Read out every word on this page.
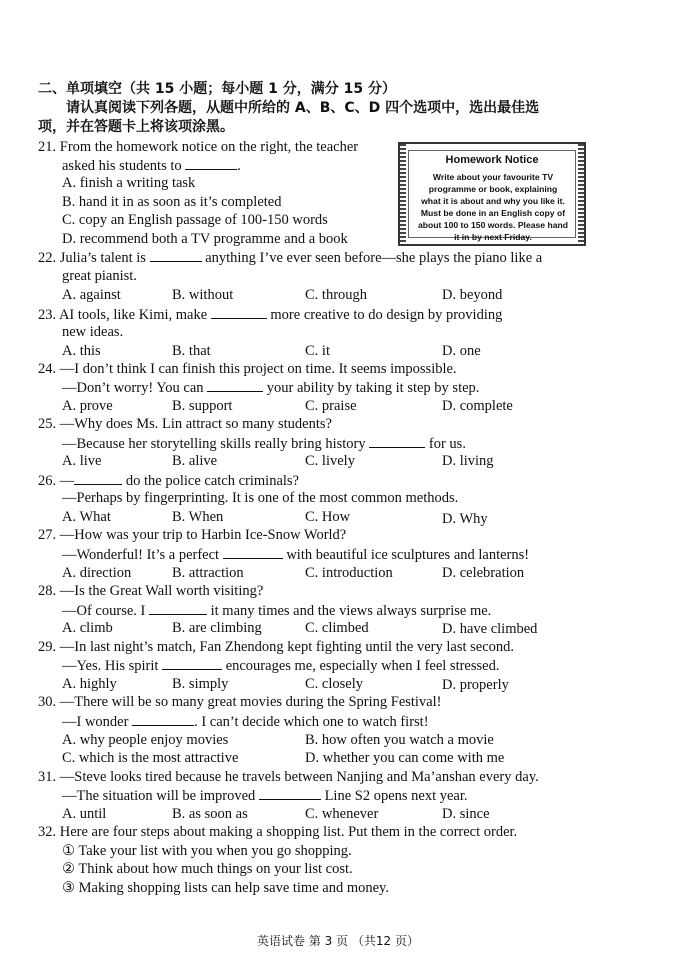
二、单项填空（共 15 小题；每小题 1 分，满分 15 分）
请认真阅读下列各题，从题中所给的 A、B、C、D 四个选项中，选出最佳选
项，并在答题卡上将该项涂黑。
Homework Notice
Write about your favourite TV
programme or book, explaining
what it is about and why you like it.
Must be done in an English copy of
about 100 to 150 words. Please hand
it in by next Friday.
21. From the homework notice on the right, the teacher
asked his students to	.
A. finish a writing task
B. hand it in as soon as it’s completed
C. copy an English passage of 100-150 words
D. recommend both a TV programme and a book
22. Julia’s talent is	anything I’ve ever seen before—she plays the piano like a
great pianist.
A. against	B. without	C. through	D. beyond
23. AI tools, like Kimi, make	more creative to do design by providing
new ideas.
A. this	B. that	C. it	D. one
24. —I don’t think I can finish this project on time. It seems impossible.
—Don’t worry! You can	your ability by taking it step by step.
A. prove	B. support	C. praise	D. complete
25. —Why does Ms. Lin attract so many students?
—Because her storytelling skills really bring history	for us.
A. live	B. alive	C. lively	D. living
26. —	do the police catch criminals?
—Perhaps by fingerprinting. It is one of the most common methods.
A. What	B. When	C. How	D. Why
27. —How was your trip to Harbin Ice-Snow World?
—Wonderful! It’s a perfect	with beautiful ice sculptures and lanterns!
A. direction	B. attraction	C. introduction	D. celebration
28. —Is the Great Wall worth visiting?
—Of course. I	it many times and the views always surprise me.
A. climb	B. are climbing	C. climbed	D. have climbed
29. —In last night’s match, Fan Zhendong kept fighting until the very last second.
—Yes. His spirit	encourages me, especially when I feel stressed.
A. highly	B. simply	C. closely	D. properly
30. —There will be so many great movies during the Spring Festival!
—I wonder	. I can’t decide which one to watch first!
A. why people enjoy movies	B. how often you watch a movie
C. which is the most attractive	D. whether you can come with me
31. —Steve looks tired because he travels between Nanjing and Ma’anshan every day.
—The situation will be improved	Line S2 opens next year.
A. until	B. as soon as	C. whenever	D. since
32. Here are four steps about making a shopping list. Put them in the correct order.
① Take your list with you when you go shopping.
② Think about how much things on your list cost.
③ Making shopping lists can help save time and money.
英语试卷 第 3 页 （共12 页）
